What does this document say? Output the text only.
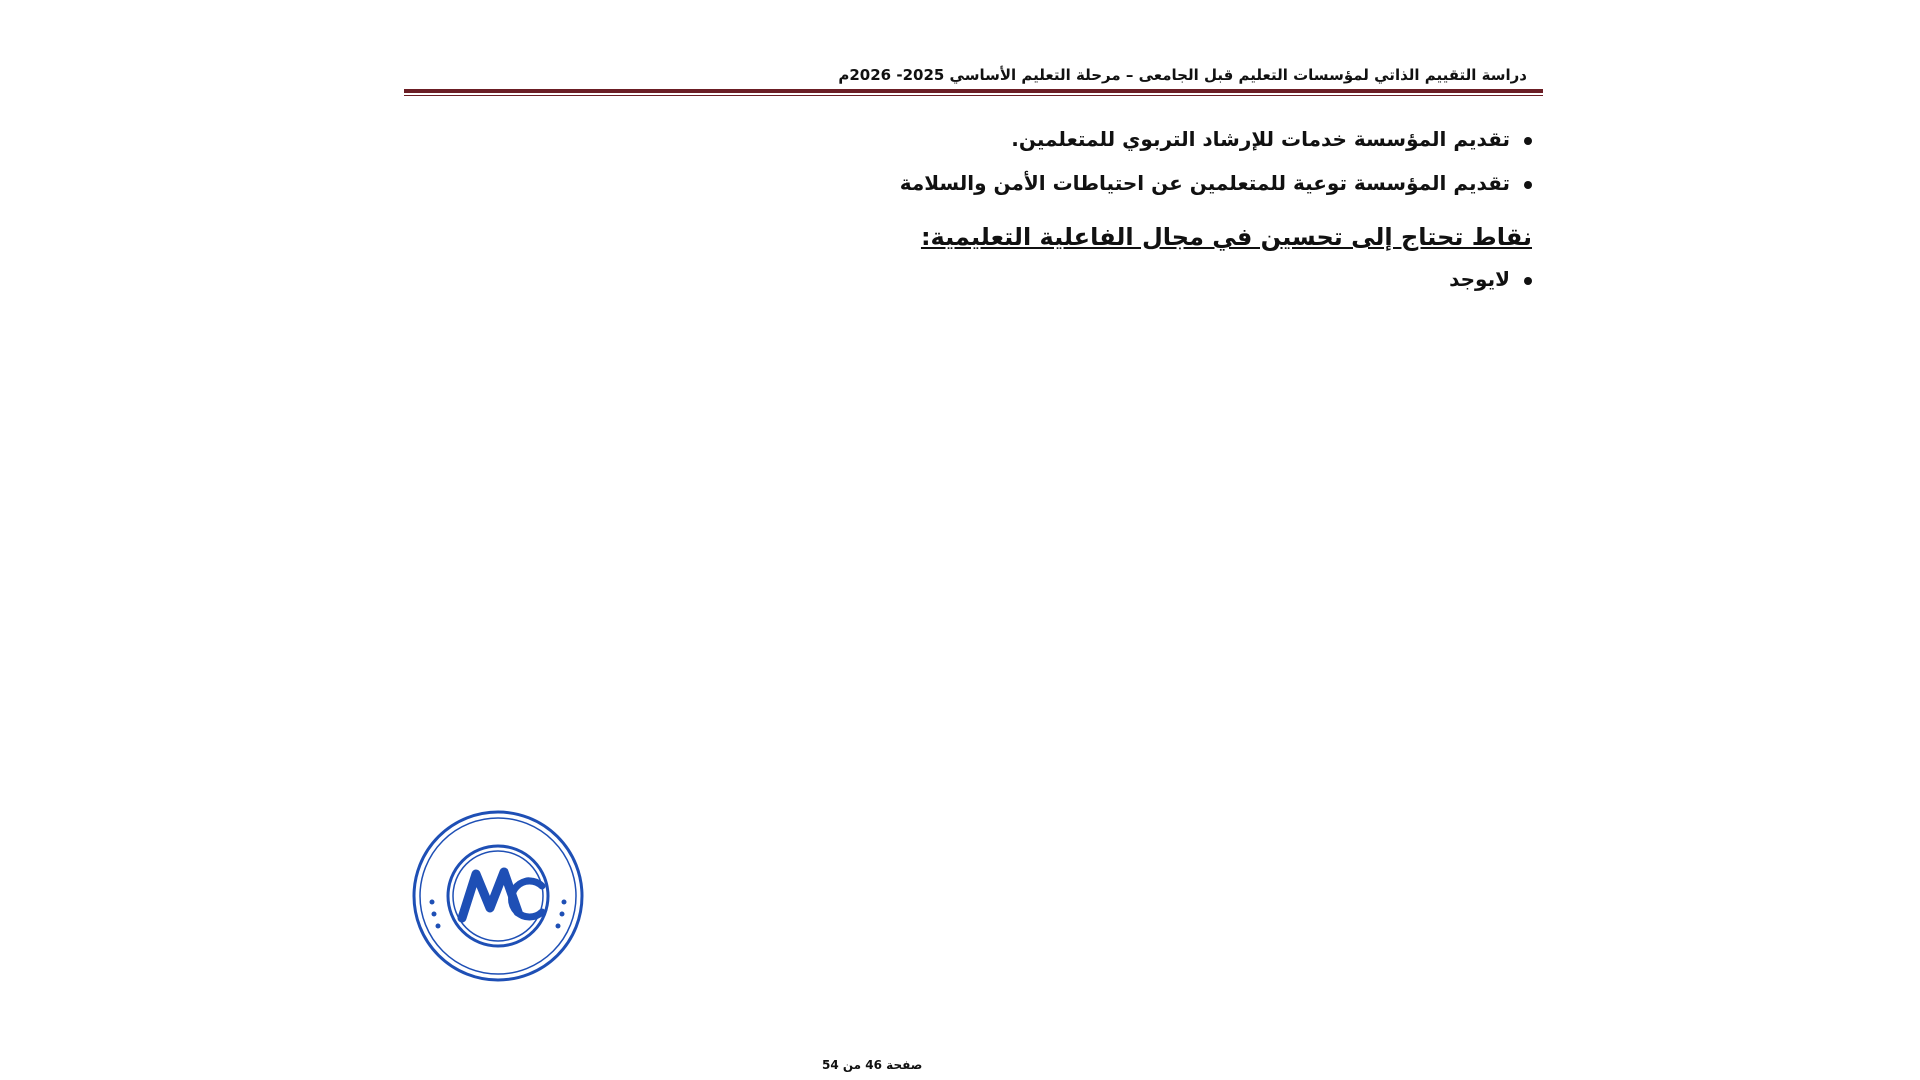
دراسة التقييم الذاتي لمؤسسات التعليم قبل الجامعى – مرحلة التعليم الأساسي 2025- 2026م
تقديم المؤسسة خدمات للإرشاد التربوي للمتعلمين.
تقديم المؤسسة توعية للمتعلمين عن احتياطات الأمن والسلامة
نقاط تحتاج إلى تحسين في مجال الفاعلية التعليمية:
لايوجد
صفحة 46 من 54
